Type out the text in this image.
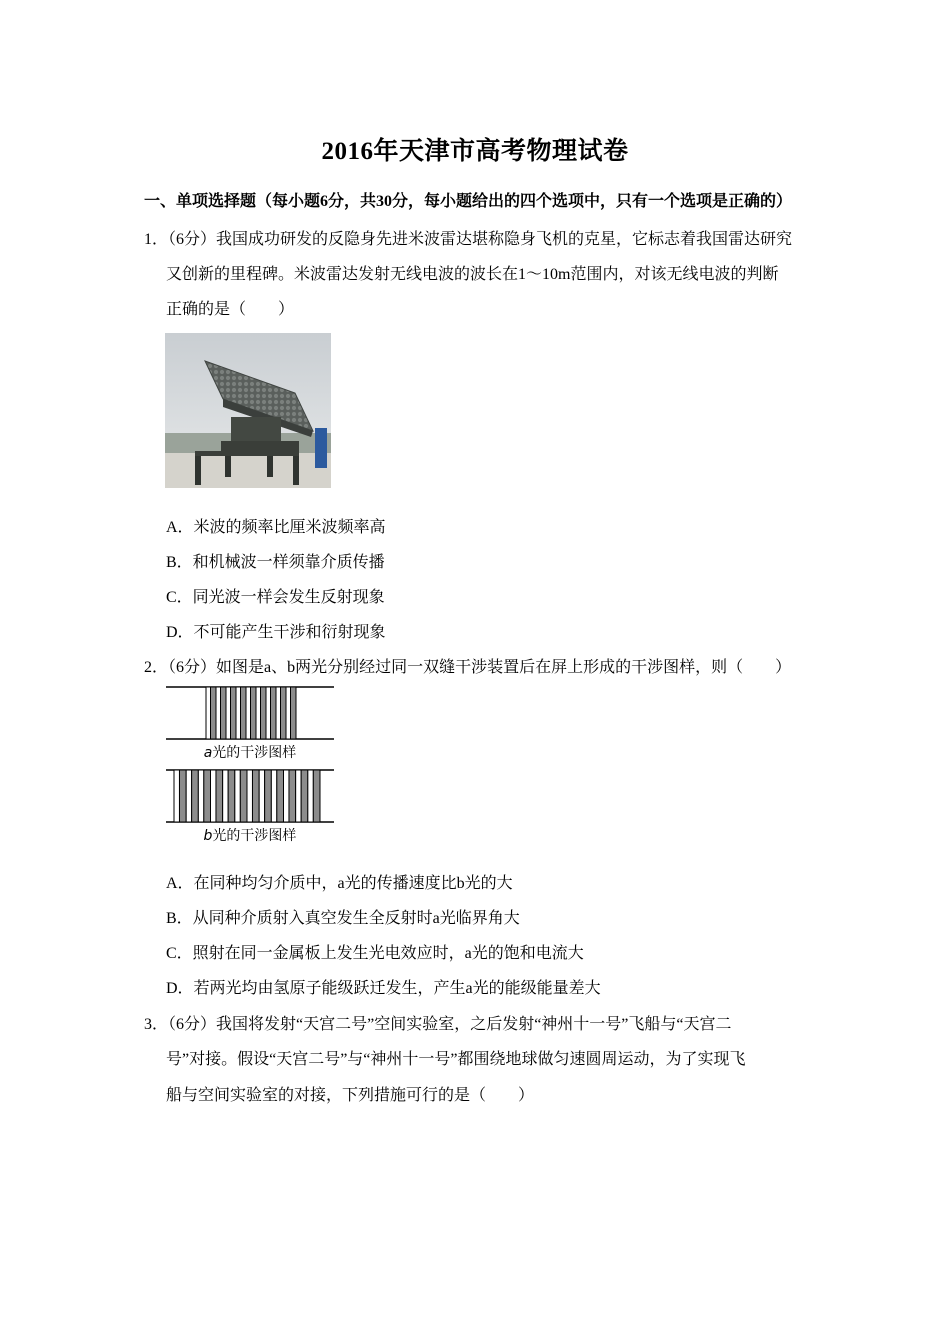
2016年天津市高考物理试卷
一、单项选择题（每小题6分，共30分，每小题给出的四个选项中，只有一个选项是正确的）
1．（6分）我国成功研发的反隐身先进米波雷达堪称隐身飞机的克星，它标志着我国雷达研究
又创新的里程碑。米波雷达发射无线电波的波长在1～10m范围内，对该无线电波的判断
正确的是（　　）
A．米波的频率比厘米波频率高
B．和机械波一样须靠介质传播
C．同光波一样会发生反射现象
D．不可能产生干涉和衍射现象
2．（6分）如图是a、b两光分别经过同一双缝干涉装置后在屏上形成的干涉图样，则（　　）
a光的干涉图样
b光的干涉图样
A．在同种均匀介质中，a光的传播速度比b光的大
B．从同种介质射入真空发生全反射时a光临界角大
C．照射在同一金属板上发生光电效应时，a光的饱和电流大
D．若两光均由氢原子能级跃迁发生，产生a光的能级能量差大
3．（6分）我国将发射“天宫二号”空间实验室，之后发射“神州十一号”飞船与“天宫二
号”对接。假设“天宫二号”与“神州十一号”都围绕地球做匀速圆周运动，为了实现飞
船与空间实验室的对接，下列措施可行的是（　　）
